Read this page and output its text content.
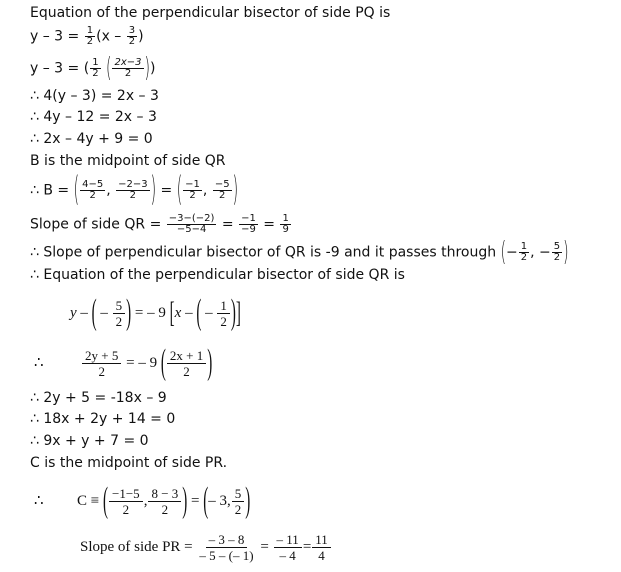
Equation of the perpendicular bisector of side PQ is
$y - 3 = \frac{1}{2} (x - \frac{3}{2}$ )
y – 3 = ( $\frac{1}{2}$ ( $\frac{2x-3}{2}$ ))
∴ 4(y – 3) = 2x – 3
∴ 4y – 12 = 2x – 3
∴ 2x – 4y + 9 = 0
B is the midpoint of side QR
∴ B = ( $\frac{4-5}{2}$ , $\frac{-2-3}{2}$ ) = ( $\frac{-1}{2}$ , $\frac{-5}{2}$ )
Slope of side QR = $\frac{-3-(-2)}{-5-4} = \frac{-1}{-9} = \frac{1}{9}$
∴ Slope of perpendicular bisector of QR is -9 and it passes through (− $\frac{1}{2}$ , − $\frac{5}{2}$ )
∴ Equation of the perpendicular bisector of side QR is
y – ( – $\frac{5}{2}$ ) = – 9 [x – ( – $\frac{1}{2}$ )]
∴	$\frac{2y + 5}{2}$ = – 9 ( $\frac{2x + 1}{2}$ )
∴ 2y + 5 = -18x – 9
∴ 18x + 2y + 14 = 0
∴ 9x + y + 7 = 0
C is the midpoint of side PR.
∴ C ≡ ( $\frac{-1-5}{2}$ , $\frac{8 - 3}{2}$ ) = (– 3, $\frac{5}{2}$ )
Slope of side PR = $\frac{- 3 - 8}{- 5 - (- 1)} = \frac{- 11}{- 4} = \frac{11}{4}$
